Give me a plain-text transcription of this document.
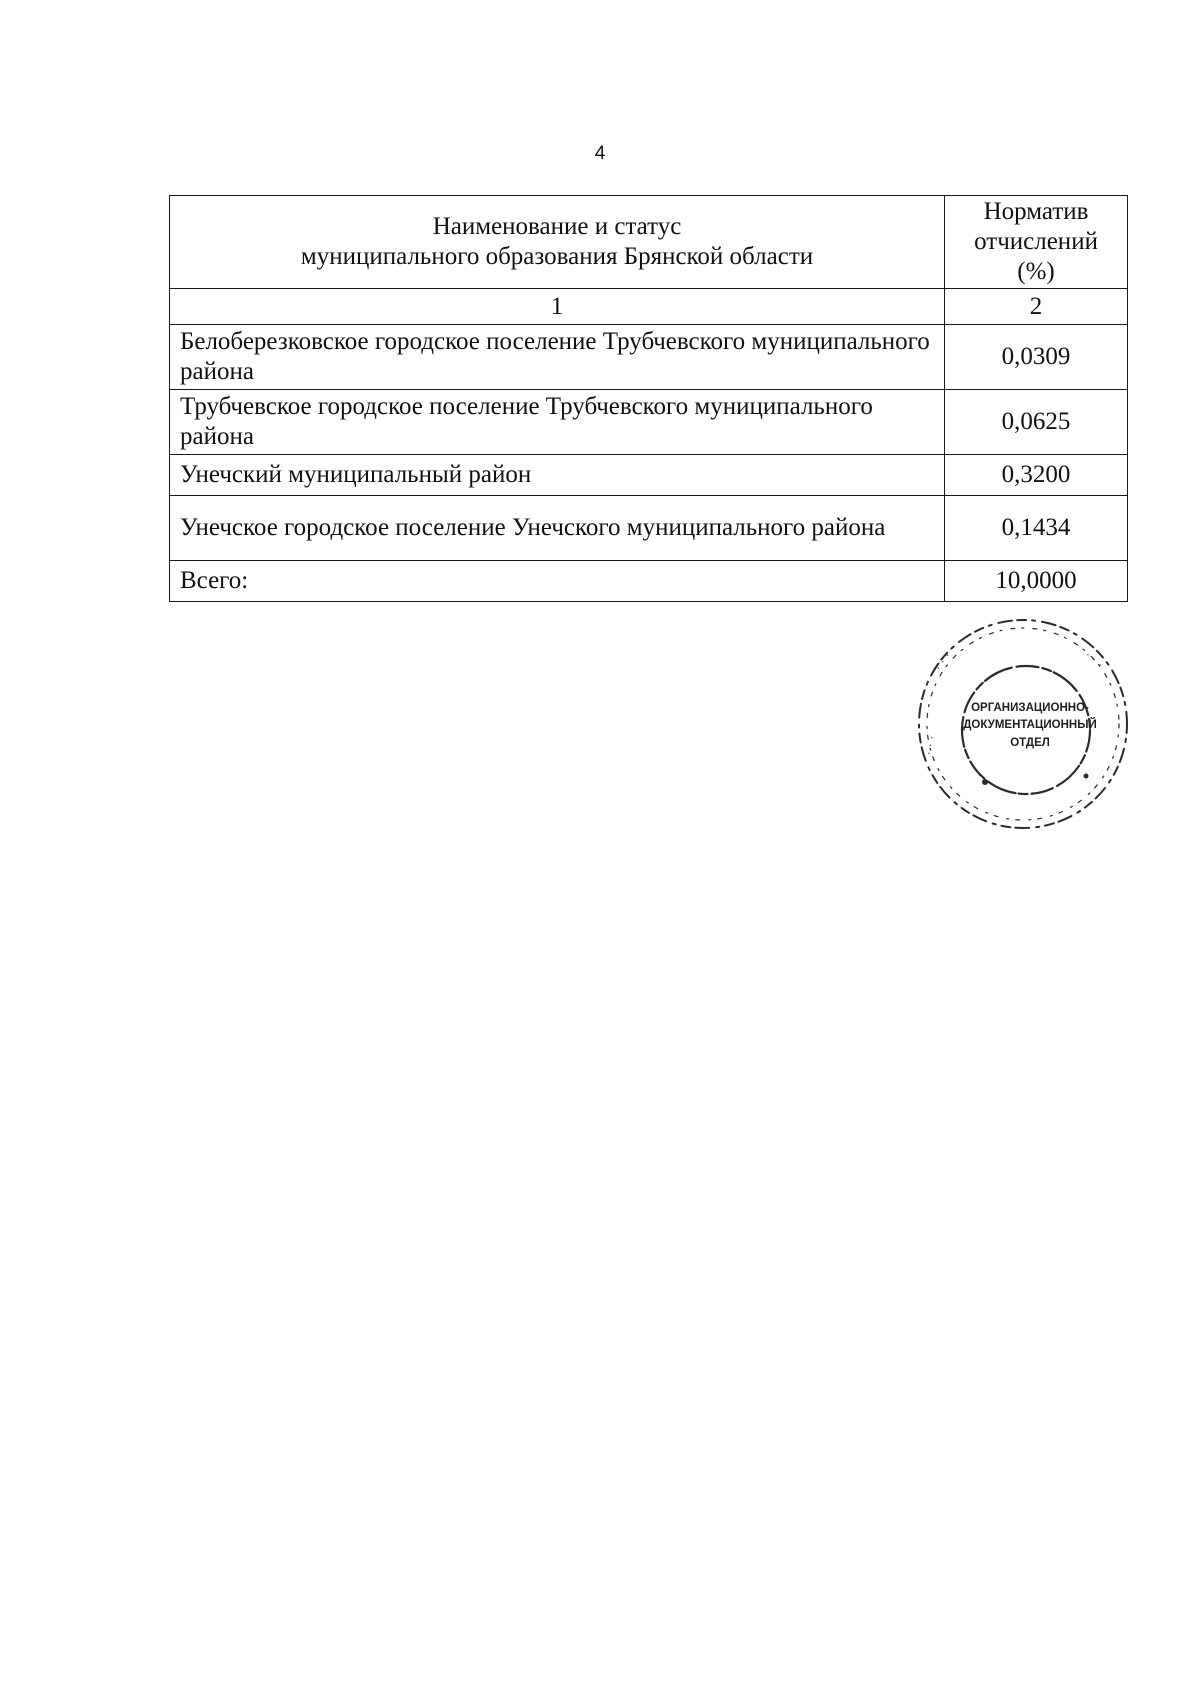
4
Наименование и статус
муниципального образования Брянской области	Норматив
отчислений
(%)

1	2
Белоберезковское городское поселение Трубчевского муниципального района	0,0309
Трубчевское городское поселение Трубчевского муниципального района	0,0625
Унечский муниципальный район	0,3200
Унечское городское поселение Унечского муниципального района	0,1434
Всего:	10,0000
· · ·
· · ·
· · ·
ОРГАНИЗАЦИОННО-
ДОКУМЕНТАЦИОННЫЙ
ОТДЕЛ
